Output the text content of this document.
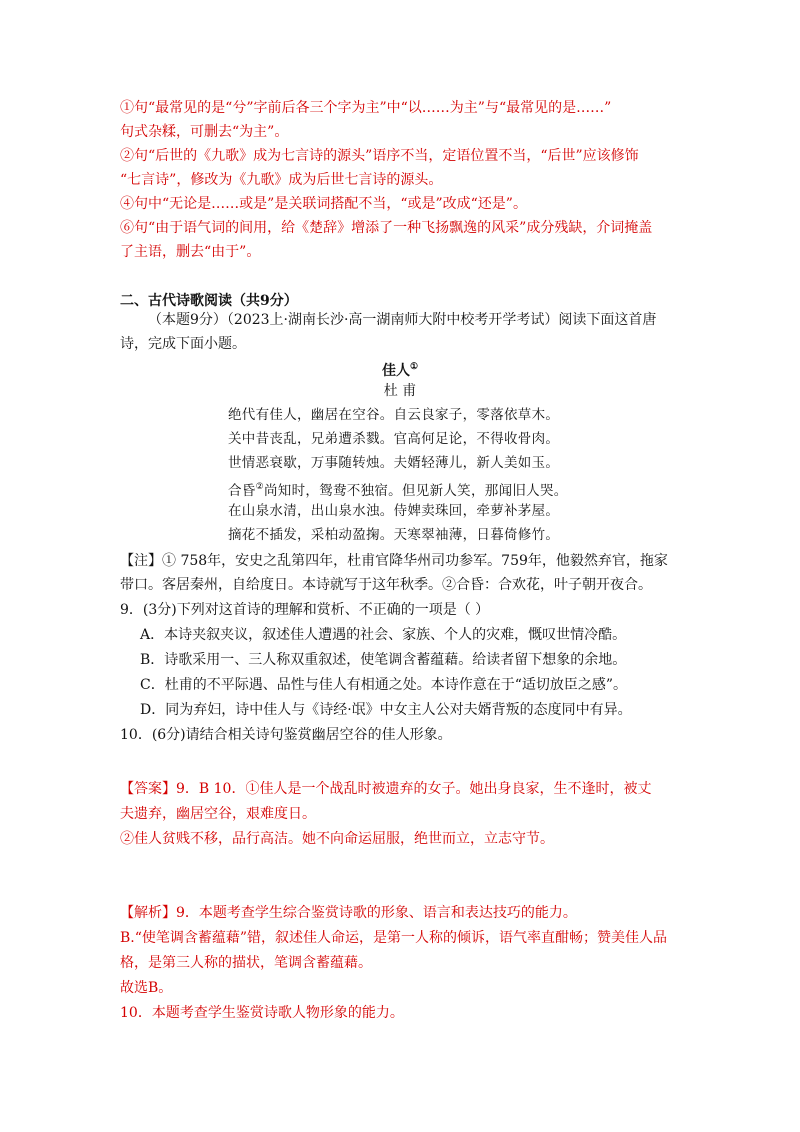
①句“最常见的是“兮”字前后各三个字为主”中“以……为主”与“最常见的是……”
句式杂糅，可删去“为主”。
②句“后世的《九歌》成为七言诗的源头”语序不当，定语位置不当，“后世”应该修饰
“七言诗”，修改为《九歌》成为后世七言诗的源头。
④句中“无论是……或是”是关联词搭配不当，“或是”改成“还是”。
⑥句“由于语气词的间用，给《楚辞》增添了一种飞扬飘逸的风采”成分残缺，介词掩盖
了主语，删去“由于”。
二、古代诗歌阅读（共9分）
（本题9分）（2023上·湖南长沙·高一湖南师大附中校考开学考试）阅读下面这首唐
诗，完成下面小题。
佳人①
杜 甫
绝代有佳人，幽居在空谷。自云良家子，零落依草木。
关中昔丧乱，兄弟遭杀戮。官高何足论，不得收骨肉。
世情恶衰歇，万事随转烛。夫婿轻薄儿，新人美如玉。
合昏②尚知时，鸳鸯不独宿。但见新人笑，那闻旧人哭。
在山泉水清，出山泉水浊。侍婢卖珠回，牵萝补茅屋。
摘花不插发，采柏动盈掬。天寒翠袖薄，日暮倚修竹。
【注】① 758年，安史之乱第四年，杜甫官降华州司功参军。759年，他毅然弃官，拖家
带口。客居秦州，自给度日。本诗就写于这年秋季。②合昏：合欢花，叶子朝开夜合。
9．(3分)下列对这首诗的理解和赏析、不正确的一项是（ ）
A．本诗夹叙夹议，叙述佳人遭遇的社会、家族、个人的灾难，慨叹世情冷酷。
B．诗歌采用一、三人称双重叙述，使笔调含蓄蕴藉。给读者留下想象的余地。
C．杜甫的不平际遇、品性与佳人有相通之处。本诗作意在于“适切放臣之感”。
D．同为弃妇，诗中佳人与《诗经·氓》中女主人公对夫婿背叛的态度同中有异。
10．(6分)请结合相关诗句鉴赏幽居空谷的佳人形象。
【答案】9．B 10．①佳人是一个战乱时被遗弃的女子。她出身良家，生不逢时，被丈
夫遗弃，幽居空谷，艰难度日。
②佳人贫贱不移，品行高洁。她不向命运屈服，绝世而立，立志守节。
【解析】9．本题考查学生综合鉴赏诗歌的形象、语言和表达技巧的能力。
B.“使笔调含蓄蕴藉”错，叙述佳人命运，是第一人称的倾诉，语气率直酣畅；赞美佳人品
格，是第三人称的描状，笔调含蓄蕴藉。
故选B。
10．本题考查学生鉴赏诗歌人物形象的能力。
